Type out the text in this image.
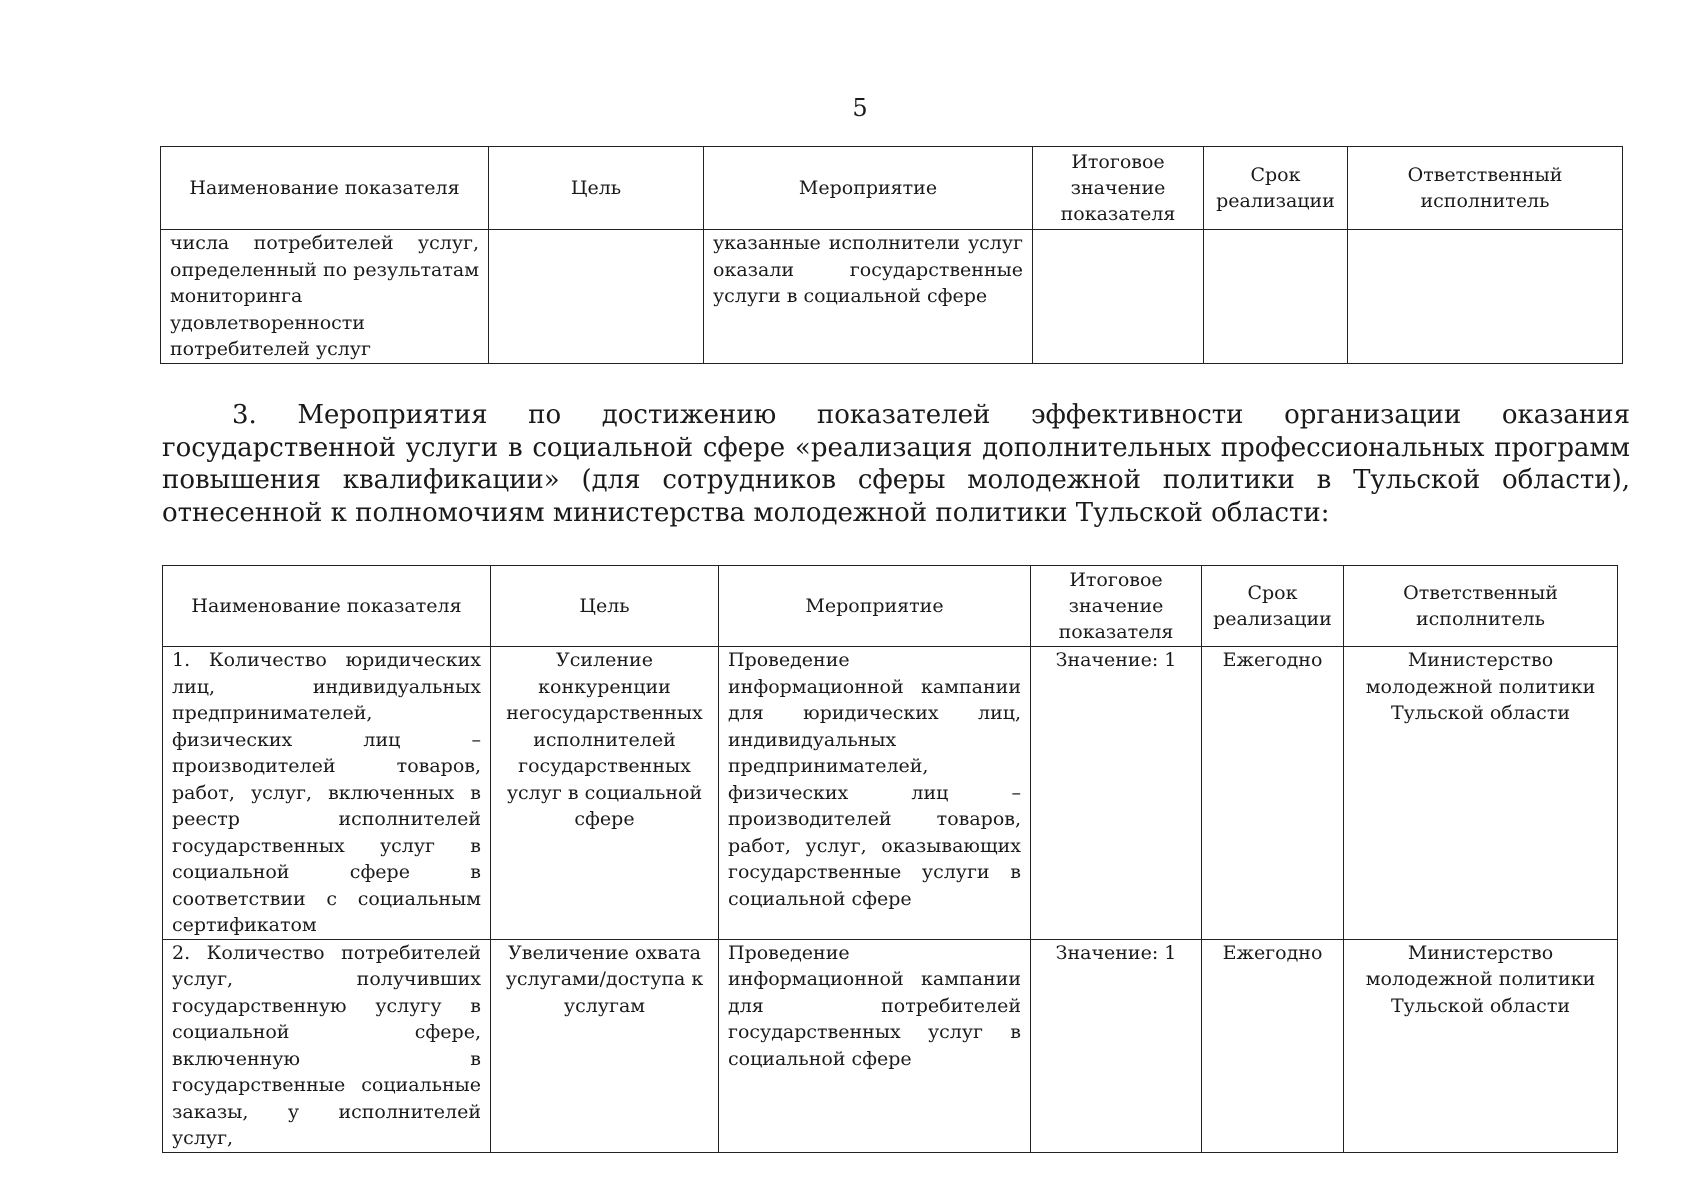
5
Наименование показателя	Цель	Мероприятие	Итоговое значение показателя	Срок реализации	Ответственный исполнитель
числа потребителей услуг, определенный по результатам мониторинга удовлетворенности потребителей услуг		указанные исполнители услуг оказали государственные услуги в социальной сфере			

3. Мероприятия по достижению показателей эффективности организации оказания государственной услуги в социальной сфере «реализация дополнительных профессиональных программ повышения квалификации» (для сотрудников сферы молодежной политики в Тульской области), отнесенной к полномочиям министерства молодежной политики Тульской области:

Наименование показателя	Цель	Мероприятие	Итоговое значение показателя	Срок реализации	Ответственный исполнитель
1. Количество юридических лиц, индивидуальных предпринимателей, физических лиц – производителей товаров, работ, услуг, включенных в реестр исполнителей государственных услуг в социальной сфере в соответствии с социальным сертификатом	Усиление конкуренции негосударственных исполнителей государственных услуг в социальной сфере	Проведение информационной кампании для юридических лиц, индивидуальных предпринимателей, физических лиц – производителей товаров, работ, услуг, оказывающих государственные услуги в социальной сфере	Значение: 1	Ежегодно	Министерство молодежной политики Тульской области
2. Количество потребителей услуг, получивших государственную услугу в социальной сфере, включенную в государственные социальные заказы, у исполнителей услуг,	Увеличение охвата услугами/доступа к услугам	Проведение информационной кампании для потребителей государственных услуг в социальной сфере	Значение: 1	Ежегодно	Министерство молодежной политики Тульской области
